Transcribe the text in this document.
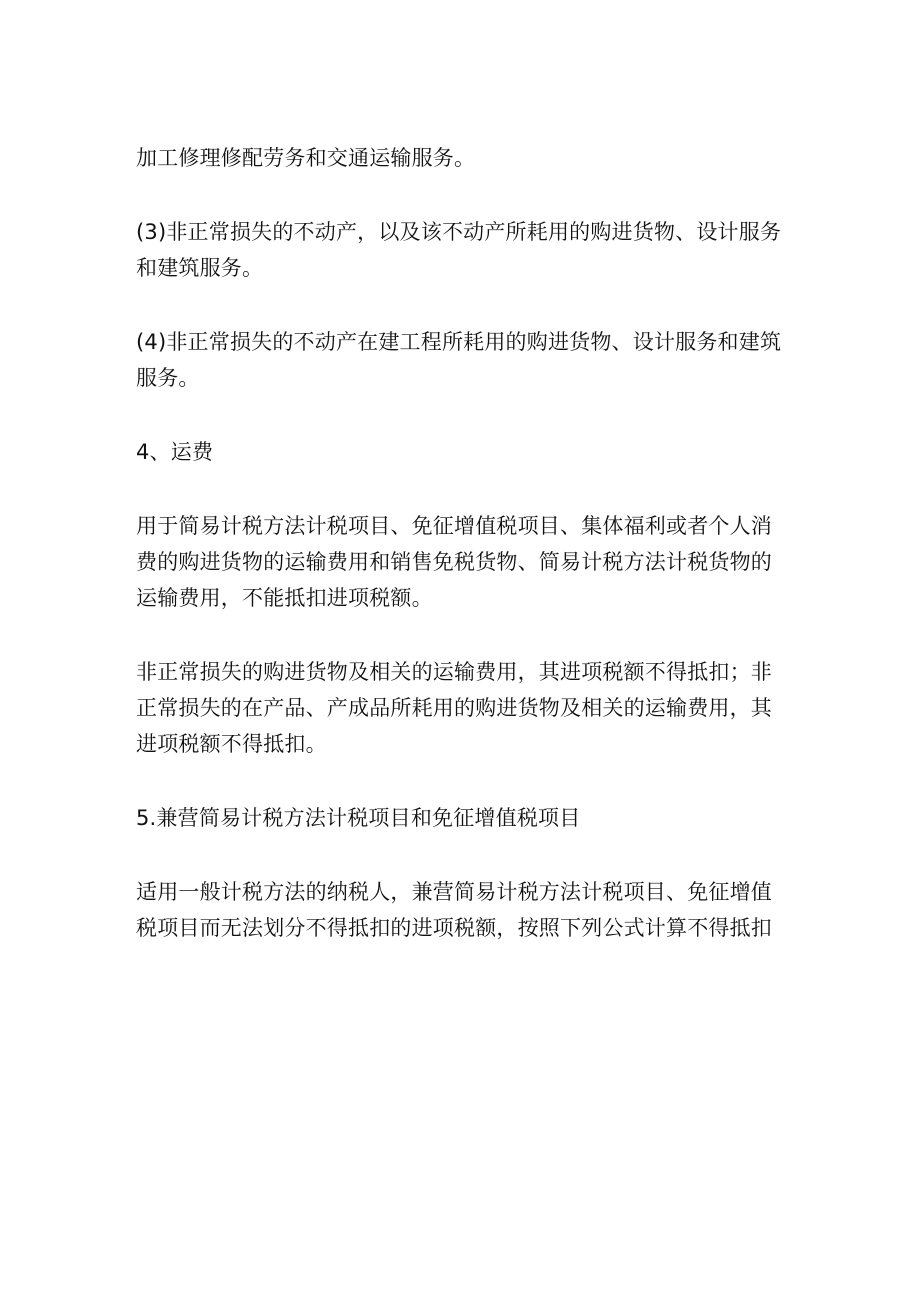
加工修理修配劳务和交通运输服务。

(3)非正常损失的不动产，以及该不动产所耗用的购进货物、设计服务和建筑服务。

(4)非正常损失的不动产在建工程所耗用的购进货物、设计服务和建筑服务。

4、运费

用于简易计税方法计税项目、免征增值税项目、集体福利或者个人消费的购进货物的运输费用和销售免税货物、简易计税方法计税货物的运输费用，不能抵扣进项税额。

非正常损失的购进货物及相关的运输费用，其进项税额不得抵扣；非正常损失的在产品、产成品所耗用的购进货物及相关的运输费用，其进项税额不得抵扣。

5.兼营简易计税方法计税项目和免征增值税项目

适用一般计税方法的纳税人，兼营简易计税方法计税项目、免征增值税项目而无法划分不得抵扣的进项税额，按照下列公式计算不得抵扣
